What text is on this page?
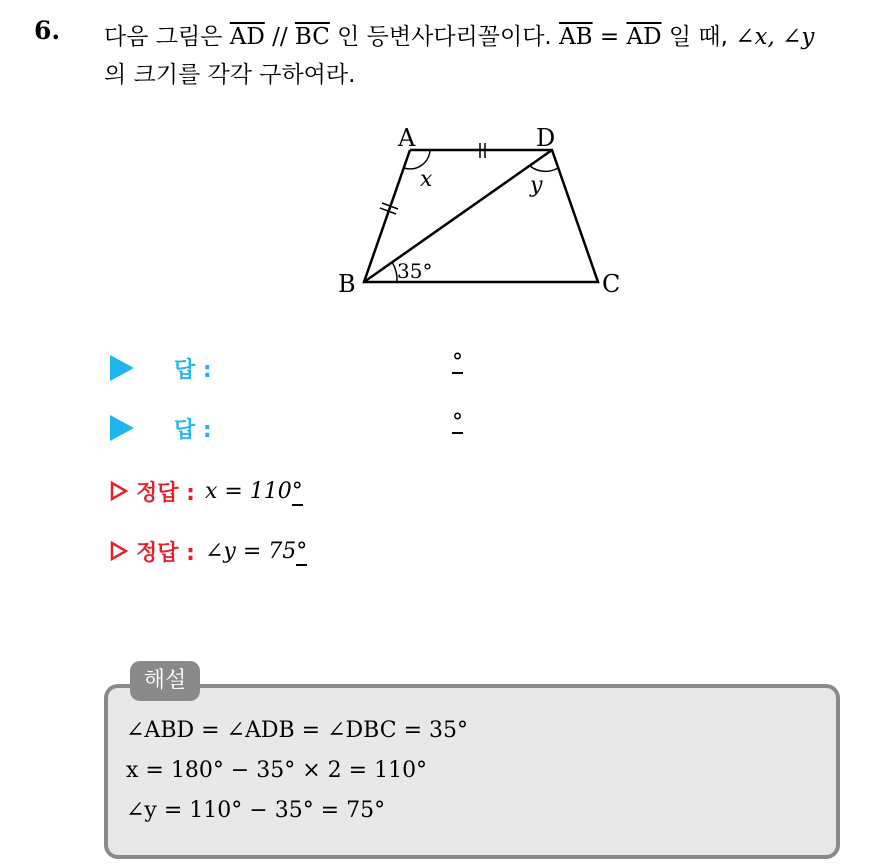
6. 다음 그림은 $\overline{AD} // \overline{BC}$ 인 등변사다리꼴이다. $\overline{AB} = \overline{AD}$ 일 때, ∠x, ∠y
의 크기를 각각 구하여라.
A	D
B	C
x	y
35°
답 :	°
답 :	°
정답 : x = 110°
정답 : ∠y = 75°
해설
∠ABD = ∠ADB = ∠DBC = 35°
x = 180° − 35° × 2 = 110°
∠y = 110° − 35° = 75°
